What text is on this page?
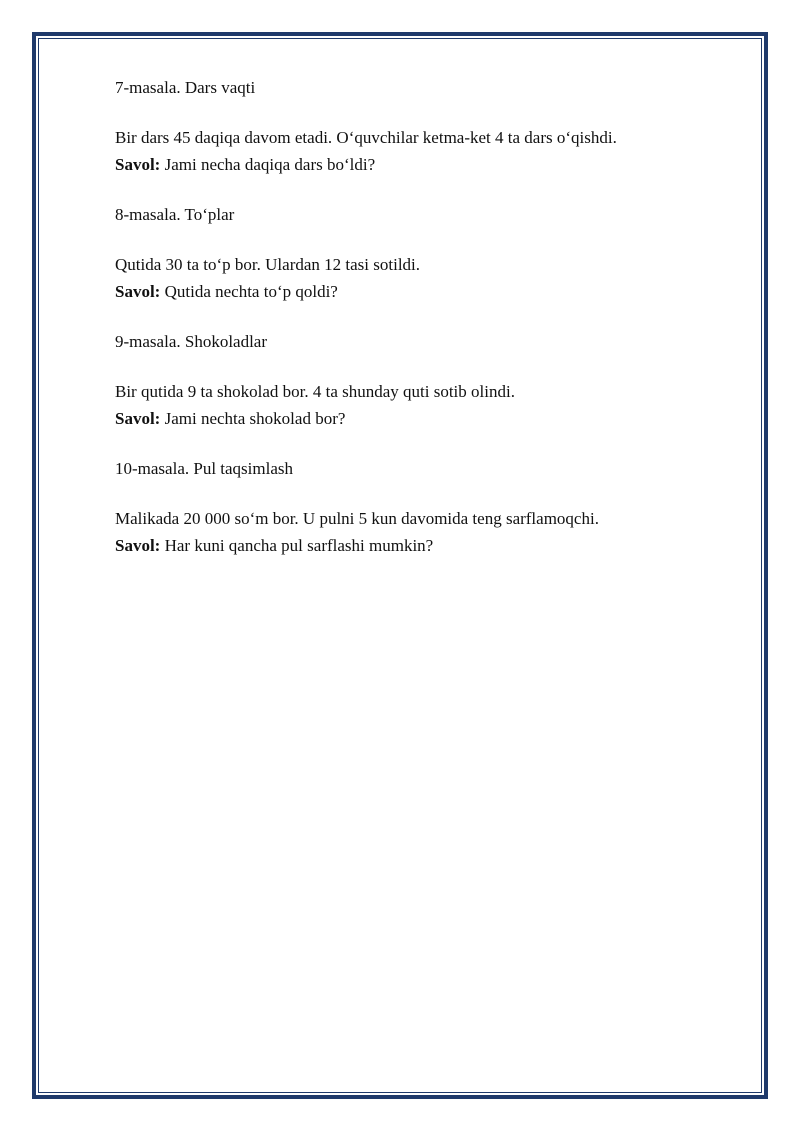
7-masala. Dars vaqti

Bir dars 45 daqiqa davom etadi. O‘quvchilar ketma-ket 4 ta dars o‘qishdi.

Savol: Jami necha daqiqa dars bo‘ldi?

8-masala. To‘plar

Qutida 30 ta to‘p bor. Ulardan 12 tasi sotildi.

Savol: Qutida nechta to‘p qoldi?

9-masala. Shokoladlar

Bir qutida 9 ta shokolad bor. 4 ta shunday quti sotib olindi.

Savol: Jami nechta shokolad bor?

10-masala. Pul taqsimlash

Malikada 20 000 so‘m bor. U pulni 5 kun davomida teng sarflamoqchi.

Savol: Har kuni qancha pul sarflashi mumkin?
